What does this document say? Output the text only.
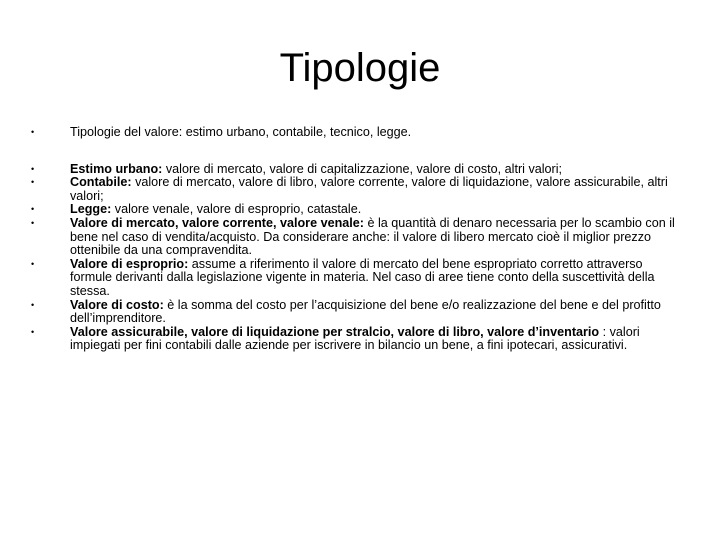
Tipologie
•	Tipologie del valore: estimo urbano, contabile, tecnico, legge.
•	Estimo urbano: valore di mercato, valore di capitalizzazione, valore di costo, altri valori;
•	Contabile: valore di mercato, valore di libro, valore corrente, valore di liquidazione, valore assicurabile, altri valori;
•	Legge: valore venale, valore di esproprio, catastale.
•	Valore di mercato, valore corrente, valore venale: è la quantità di denaro necessaria per lo scambio con il bene nel caso di vendita/acquisto. Da considerare anche: il valore di libero mercato cioè il miglior prezzo ottenibile da una compravendita.
•	Valore di esproprio: assume a riferimento il valore di mercato del bene espropriato corretto attraverso formule derivanti dalla legislazione vigente in materia. Nel caso di aree tiene conto della suscettività della stessa.
•	Valore di costo: è la somma del costo per l’acquisizione del bene e/o realizzazione del bene e del profitto dell’imprenditore.
•	Valore assicurabile, valore di liquidazione per stralcio, valore di libro, valore d’inventario : valori impiegati per fini contabili dalle aziende per iscrivere in bilancio un bene, a fini ipotecari, assicurativi.
